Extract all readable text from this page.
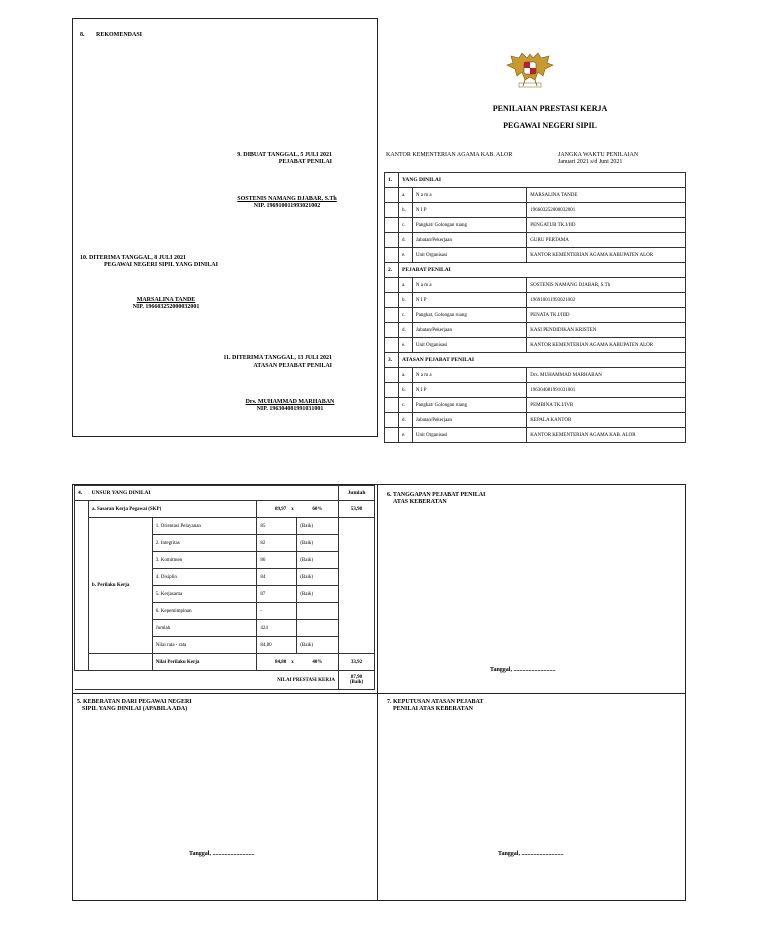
8. REKOMENDASI
PENILAIAN PRESTASI KERJA
PEGAWAI NEGERI SIPIL
KANTOR KEMENTERIAN AGAMA KAB. ALOR	JANGKA WAKTU PENILAIAN
Januari 2021 s/d Juni 2021
9. DIBUAT TANGGAL, 5 JULI 2021
PEJABAT PENILAI
SOSTENIS NAMANG DJABAR, S.Th
NIP. 196910011993021002
10. DITERIMA TANGGAL, 8 JULI 2021
PEGAWAI NEGERI SIPIL YANG DINILAI
MARSALINA TANDE
NIP. 196603252000032001
11. DITERIMA TANGGAL, 13 JULI 2021
ATASAN PEJABAT PENILAI
Drs. MUHAMMAD MARHABAN
NIP. 196304081991031001
1.	YANG DINILAI		
	a.	N a m a	MARSALINA TANDE
	b.	N I P	196603252000032001
	c.	Pangkat/ Golongan ruang	PENGATUR TK.I/IID
	d.	Jabatan/Pekerjaan	GURU PERTAMA
	e.	Unit Organisasi	KANTOR KEMENTERIAN AGAMA KABUPATEN ALOR
2.	PEJABAT PENILAI		
	a.	N a m a	SOSTENIS NAMANG DJABAR, S.Th
	b.	N I P	196910011993021002
	c.	Pangkat, Golongan ruang	PENATA TK.I/IIID
	d.	Jabatan/Pekerjaan	KASI PENDIDIKAN KRISTEN
	e.	Unit Organisasi	KANTOR KEMENTERIAN AGAMA KABUPATEN ALOR
3.	ATASAN PEJABAT PENILAI		
	a.	N a m a	Drs. MUHAMMAD MARHABAN
	b.	N I P	196304081991031001
	c.	Pangkat/ Golongan ruang	PEMBINA TK.I/IVB
	d.	Jabatan/Pekerjaan	KEPALA KANTOR
	e.	Unit Organisasi	KANTOR KEMENTERIAN AGAMA KAB. ALOR
4.	UNSUR YANG DINILAI				Jumlah
	a. Sasaran Kerja Pegawai (SKP)		89,97 x	60%	53,98
	b. Perilaku Kerja	1. Orientasi Pelayanan	85	(Baik)	
		2. Integritas	82	(Baik)	
		3. Komitmen	86	(Baik)	
		4. Disiplin	84	(Baik)	
		5. Kerjasama	87	(Baik)	
		6. Kepemimpinan	-		
		Jumlah	424		
		Nilai rata - rata	84,80	(Baik)	
		Nilai Perilaku Kerja	84,80 x	40%	33,92
NILAI PRESTASI KERJA					87,90
(Baik)
6. TANGGAPAN PEJABAT PENILAI
ATAS KEBERATAN
Tanggal, ............................
5. KEBERATAN DARI PEGAWAI NEGERI
SIPIL YANG DINILAI (APABILA ADA)
Tanggal, ............................
7. KEPUTUSAN ATASAN PEJABAT
PENILAI ATAS KEBERATAN
Tanggal, ............................
